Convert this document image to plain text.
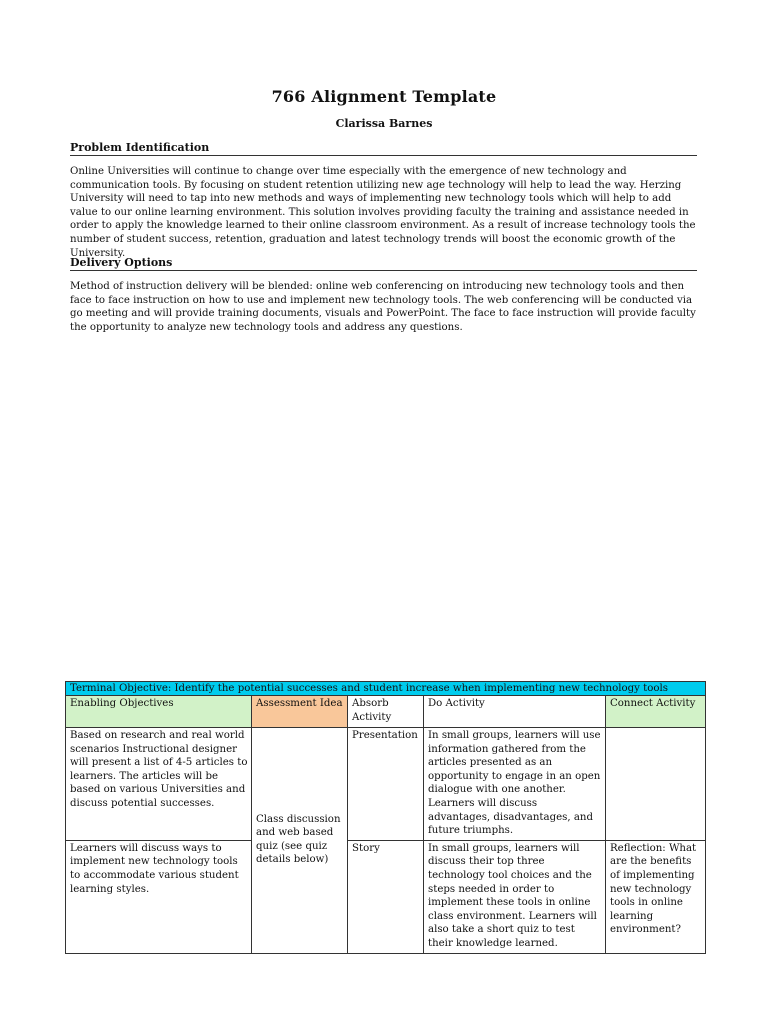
766 Alignment Template
Clarissa Barnes
Problem Identification

Online Universities will continue to change over time especially with the emergence of new technology and communication tools. By focusing on student retention utilizing new age technology will help to lead the way. Herzing University will need to tap into new methods and ways of implementing new technology tools which will help to add value to our online learning environment. This solution involves providing faculty the training and assistance needed in order to apply the knowledge learned to their online classroom environment. As a result of increase technology tools the number of student success, retention, graduation and latest technology trends will boost the economic growth of the University.

Delivery Options

Method of instruction delivery will be blended: online web conferencing on introducing new technology tools and then face to face instruction on how to use and implement new technology tools. The web conferencing will be conducted via go meeting and will provide training documents, visuals and PowerPoint. The face to face instruction will provide faculty the opportunity to analyze new technology tools and address any questions.

Terminal Objective: Identify the potential successes and student increase when implementing new technology tools				
Enabling Objectives	Assessment Idea	Absorb Activity	Do Activity	Connect Activity
Based on research and real world scenarios Instructional designer will present a list of 4-5 articles to learners. The articles will be based on various Universities and discuss potential successes.	Class discussion and web based quiz (see quiz details below)	Presentation	In small groups, learners will use information gathered from the articles presented as an opportunity to engage in an open dialogue with one another. Learners will discuss advantages, disadvantages, and future triumphs.	
Learners will discuss ways to implement new technology tools to accommodate various student learning styles.		Story	In small groups, learners will discuss their top three technology tool choices and the steps needed in order to implement these tools in online class environment. Learners will also take a short quiz to test their knowledge learned.	Reflection: What are the benefits of implementing new technology tools in online learning environment?
